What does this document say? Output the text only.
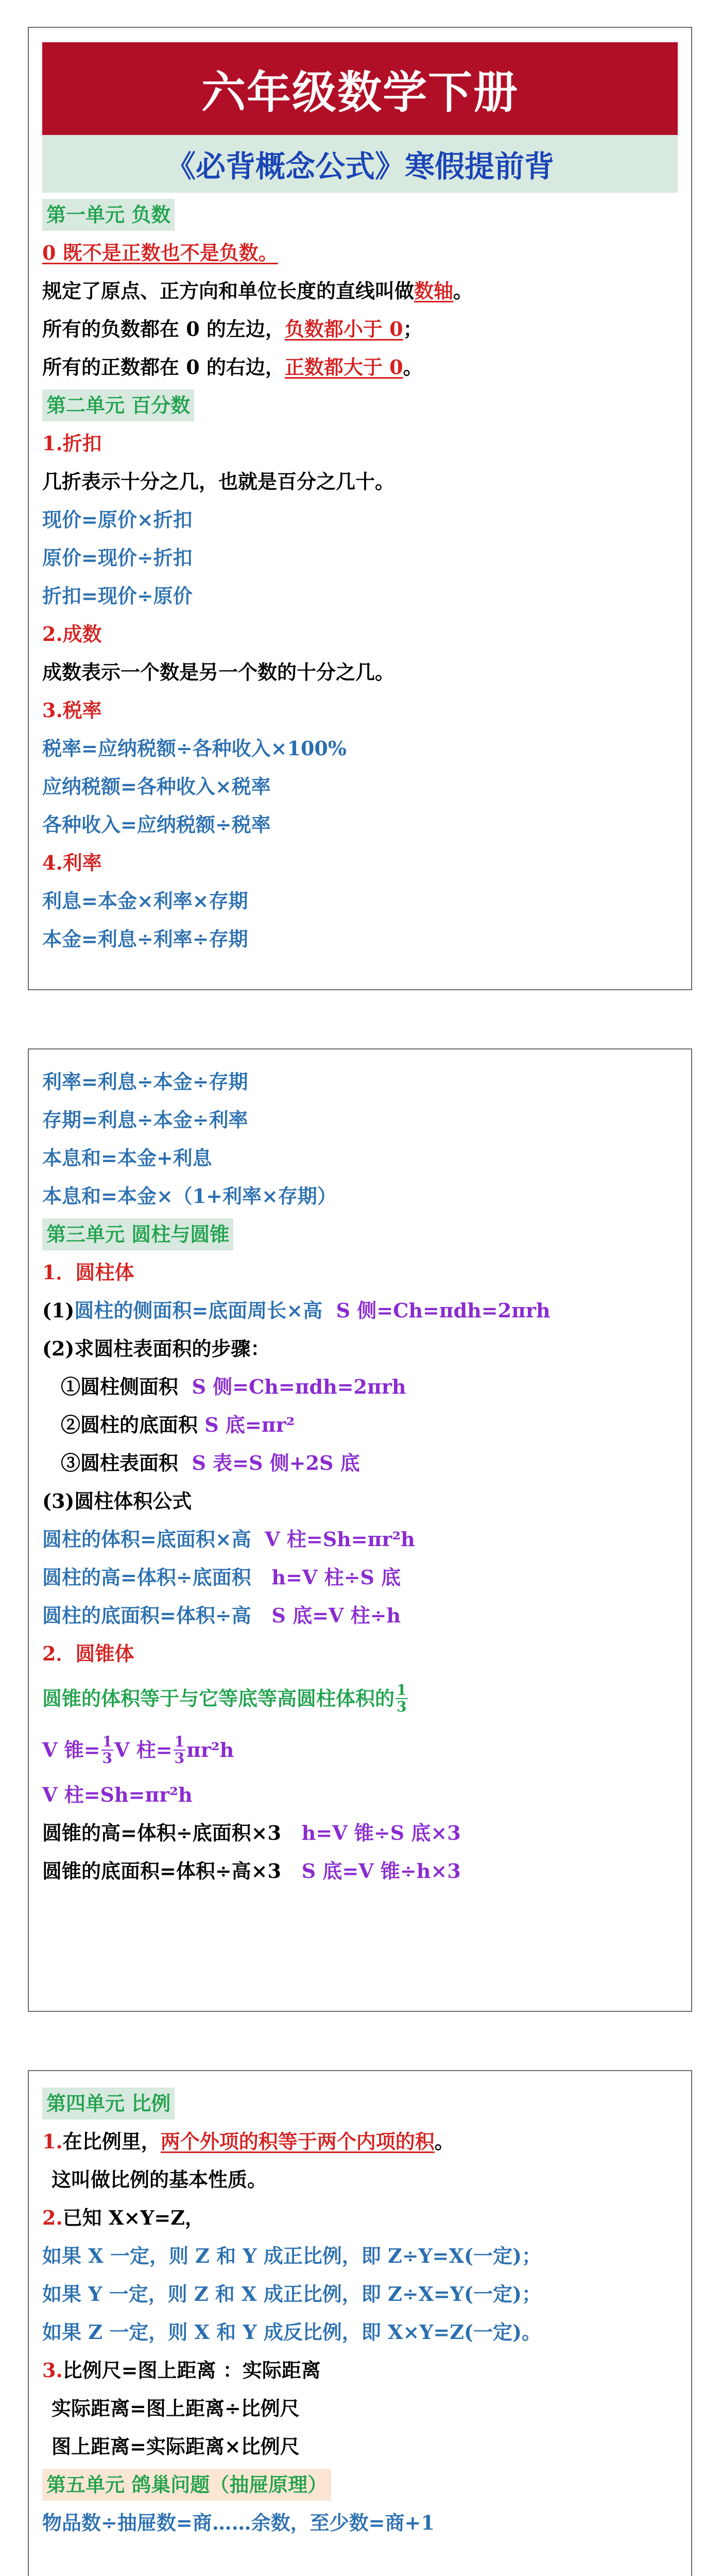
六年级数学下册
《必背概念公式》寒假提前背
第一单元 负数
0 既不是正数也不是负数。
规定了原点、正方向和单位长度的直线叫做数轴。
所有的负数都在 0 的左边，负数都小于 0；
所有的正数都在 0 的右边，正数都大于 0。
第二单元 百分数
1.折扣
几折表示十分之几，也就是百分之几十。
现价=原价×折扣
原价=现价÷折扣
折扣=现价÷原价
2.成数
成数表示一个数是另一个数的十分之几。
3.税率
税率=应纳税额÷各种收入×100%
应纳税额=各种收入×税率
各种收入=应纳税额÷税率
4.利率
利息=本金×利率×存期
本金=利息÷利率÷存期
利率=利息÷本金÷存期
存期=利息÷本金÷利率
本息和=本金+利息
本息和=本金×（1+利率×存期）
第三单元 圆柱与圆锥
1．圆柱体
(1)圆柱的侧面积=底面周长×高 S 侧=Ch=πdh=2πrh
(2)求圆柱表面积的步骤：
①圆柱侧面积 S 侧=Ch=πdh=2πrh
②圆柱的底面积 S 底=πr²
③圆柱表面积 S 表=S 侧+2S 底
(3)圆柱体积公式
圆柱的体积=底面积×高 V 柱=Sh=πr²h
圆柱的高=体积÷底面积 h=V 柱÷S 底
圆柱的底面积=体积÷高 S 底=V 柱÷h
2．圆锥体
圆锥的体积等于与它等底等高圆柱体积的 $\frac{1}{3}$
V 锥= $\frac{1}{3}$ V 柱= $\frac{1}{3} \pi r^2h$
V 柱=Sh=πr²h
圆锥的高=体积÷底面积×3 h=V 锥÷S 底×3
圆锥的底面积=体积÷高×3 S 底=V 锥÷h×3
第四单元 比例
1.在比例里，两个外项的积等于两个内项的积。
这叫做比例的基本性质。
2.已知 X×Y=Z，
如果 X 一定，则 Z 和 Y 成正比例，即 Z÷Y=X(一定)；
如果 Y 一定，则 Z 和 X 成正比例，即 Z÷X=Y(一定)；
如果 Z 一定，则 X 和 Y 成反比例，即 X×Y=Z(一定)。
3.比例尺=图上距离 ：实际距离
实际距离=图上距离÷比例尺
图上距离=实际距离×比例尺
第五单元 鸽巢问题（抽屉原理）
物品数÷抽屉数=商……余数，至少数=商+1
